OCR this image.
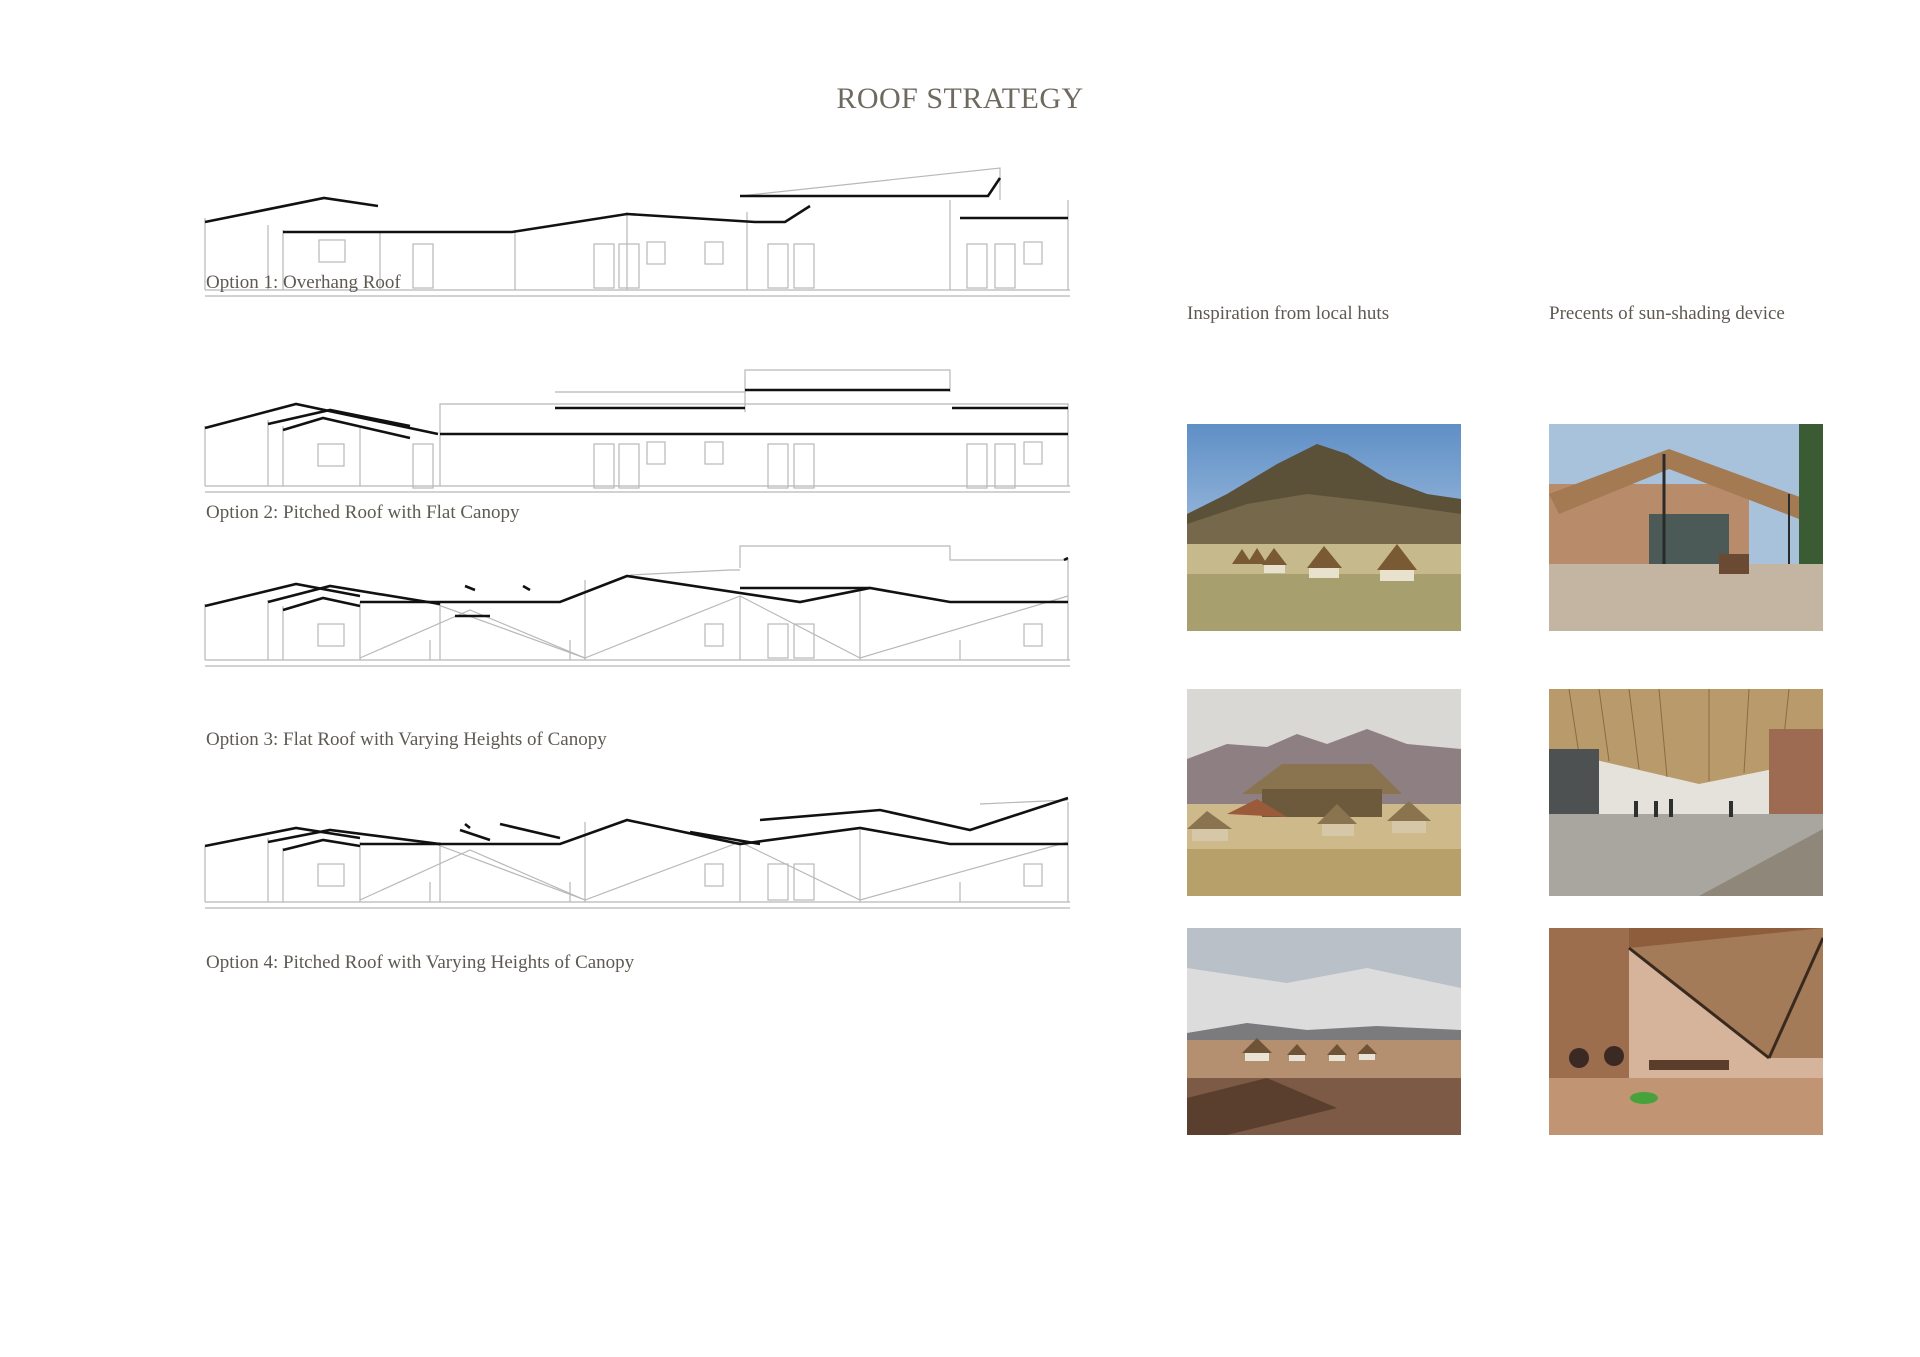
ROOF STRATEGY
Option 1: Overhang Roof
Option 2: Pitched Roof with Flat Canopy
Option 3: Flat Roof with Varying Heights of Canopy
Option 4: Pitched Roof with Varying Heights of Canopy
Inspiration from local huts	Precents of sun-shading device
